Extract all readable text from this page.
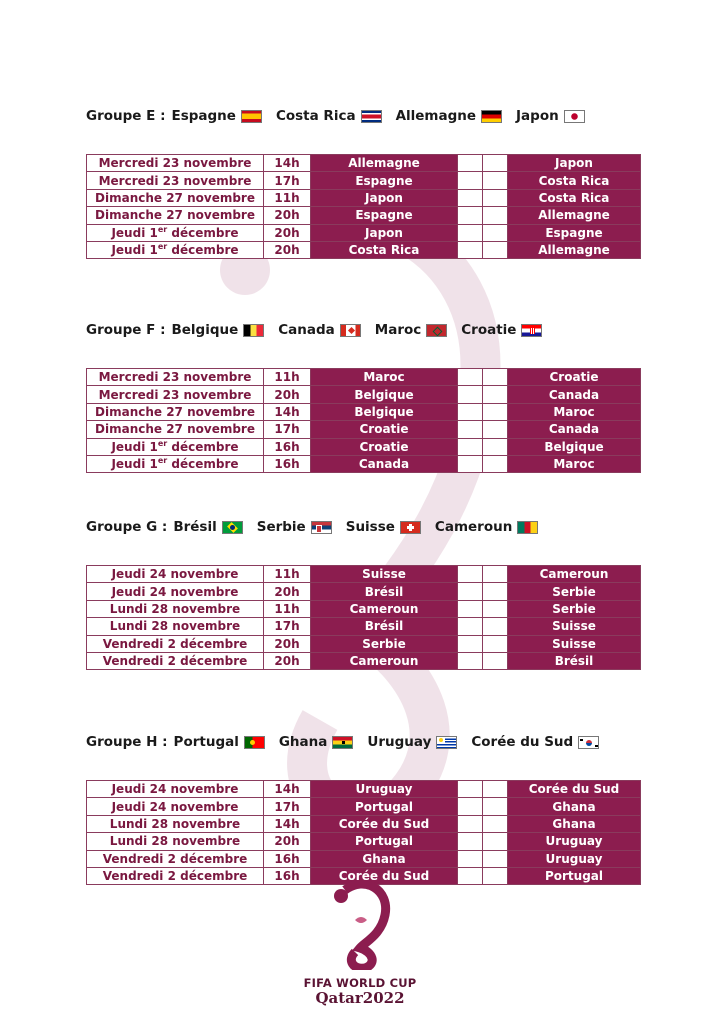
Groupe E : Espagne	Costa Rica	Allemagne	Japon
Mercredi 23 novembre	14h	Allemagne			Japon
Mercredi 23 novembre	17h	Espagne			Costa Rica
Dimanche 27 novembre	11h	Japon			Costa Rica
Dimanche 27 novembre	20h	Espagne			Allemagne
Jeudi 1er décembre	20h	Japon			Espagne
Jeudi 1er décembre	20h	Costa Rica			Allemagne
Groupe F : Belgique	Canada	Maroc	Croatie
Mercredi 23 novembre	11h	Maroc			Croatie
Mercredi 23 novembre	20h	Belgique			Canada
Dimanche 27 novembre	14h	Belgique			Maroc
Dimanche 27 novembre	17h	Croatie			Canada
Jeudi 1er décembre	16h	Croatie			Belgique
Jeudi 1er décembre	16h	Canada			Maroc
Groupe G : Brésil	Serbie	Suisse	Cameroun
Jeudi 24 novembre	11h	Suisse			Cameroun
Jeudi 24 novembre	20h	Brésil			Serbie
Lundi 28 novembre	11h	Cameroun			Serbie
Lundi 28 novembre	17h	Brésil			Suisse
Vendredi 2 décembre	20h	Serbie			Suisse
Vendredi 2 décembre	20h	Cameroun			Brésil
Groupe H : Portugal	Ghana	Uruguay	Corée du Sud
Jeudi 24 novembre	14h	Uruguay			Corée du Sud
Jeudi 24 novembre	17h	Portugal			Ghana
Lundi 28 novembre	14h	Corée du Sud			Ghana
Lundi 28 novembre	20h	Portugal			Uruguay
Vendredi 2 décembre	16h	Ghana			Uruguay
Vendredi 2 décembre	16h	Corée du Sud			Portugal
FIFA WORLD CUP
Qatar2022
